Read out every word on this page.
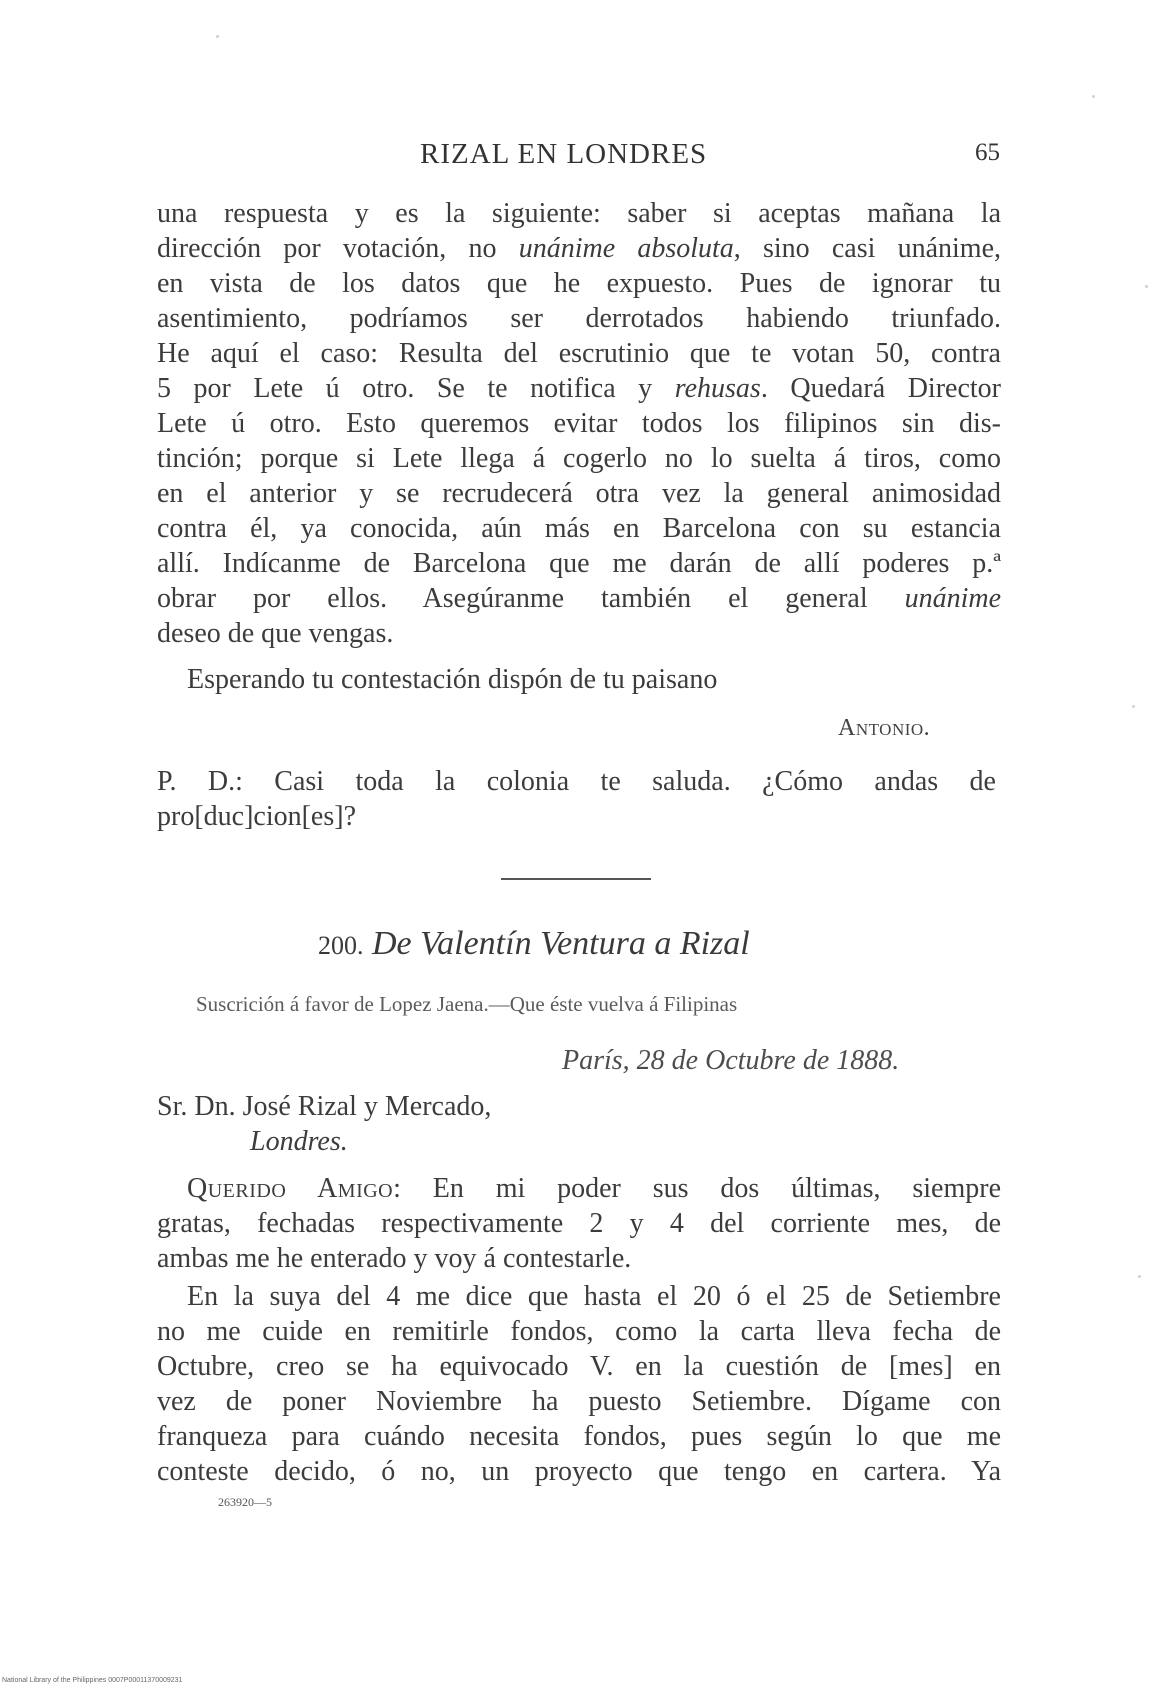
RIZAL EN LONDRES	65
una respuesta y es la siguiente: saber si aceptas mañana la
dirección por votación, no unánime absoluta, sino casi unánime,
en vista de los datos que he expuesto. Pues de ignorar tu
asentimiento, podríamos ser derrotados habiendo triunfado.
He aquí el caso: Resulta del escrutinio que te votan 50, contra
5 por Lete ú otro. Se te notifica y rehusas. Quedará Director
Lete ú otro. Esto queremos evitar todos los filipinos sin dis-
tinción; porque si Lete llega á cogerlo no lo suelta á tiros, como
en el anterior y se recrudecerá otra vez la general animosidad
contra él, ya conocida, aún más en Barcelona con su estancia
allí. Indícanme de Barcelona que me darán de allí poderes p.ª
obrar por ellos. Asegúranme también el general unánime
deseo de que vengas.
Esperando tu contestación dispón de tu paisano
Antonio.
P. D.: Casi toda la colonia te saluda. ¿Cómo andas de
pro[duc]cion[es]?
200. De Valentín Ventura a Rizal
Suscrición á favor de Lopez Jaena.—Que éste vuelva á Filipinas
París, 28 de Octubre de 1888.
Sr. Dn. José Rizal y Mercado,
Londres.
Querido Amigo: En mi poder sus dos últimas, siempre
gratas, fechadas respectivamente 2 y 4 del corriente mes, de
ambas me he enterado y voy á contestarle.
En la suya del 4 me dice que hasta el 20 ó el 25 de Setiembre
no me cuide en remitirle fondos, como la carta lleva fecha de
Octubre, creo se ha equivocado V. en la cuestión de [mes] en
vez de poner Noviembre ha puesto Setiembre. Dígame con
franqueza para cuándo necesita fondos, pues según lo que me
conteste decido, ó no, un proyecto que tengo en cartera. Ya
263920—5
National Library of the Philippines 0007P00011370009231
